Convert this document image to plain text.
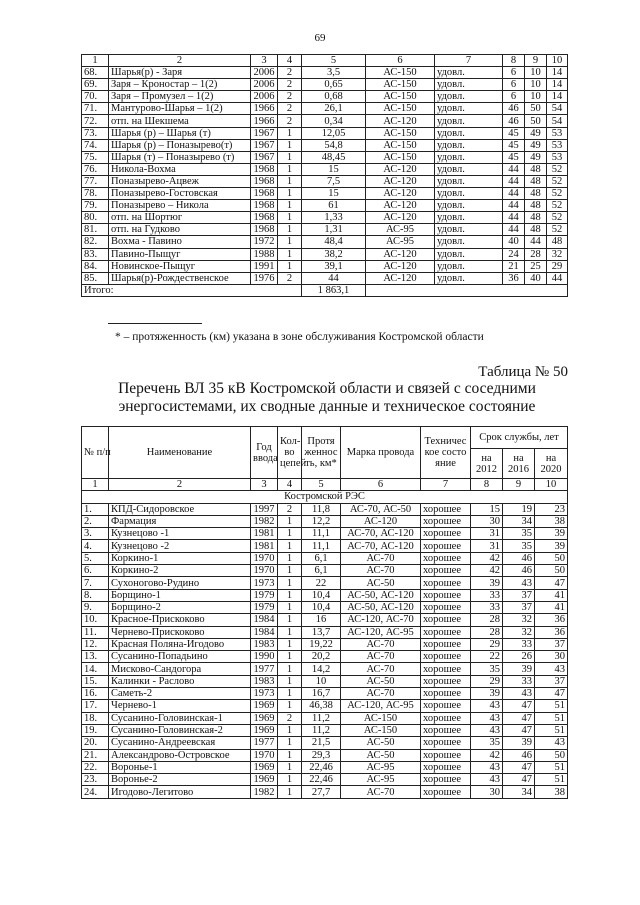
69
1	2	3	4	5	6	7	8	9	10
68.	Шарья(р) - Заря	2006	2	3,5	АС-150	удовл.	6	10	14
69.	Заря – Кроностар – 1(2)	2006	2	0,65	АС-150	удовл.	6	10	14
70.	Заря – Промузел – 1(2)	2006	2	0,68	АС-150	удовл.	6	10	14
71.	Мантурово-Шарья – 1(2)	1966	2	26,1	АС-150	удовл.	46	50	54
72.	отп. на Шекшема	1966	2	0,34	АС-120	удовл.	46	50	54
73.	Шарья (р) – Шарья (т)	1967	1	12,05	АС-150	удовл.	45	49	53
74.	Шарья (р) – Поназырево(т)	1967	1	54,8	АС-150	удовл.	45	49	53
75.	Шарья (т) – Поназырево (т)	1967	1	48,45	АС-150	удовл.	45	49	53
76.	Никола-Вохма	1968	1	15	АС-120	удовл.	44	48	52
77.	Поназырево-Ацвеж	1968	1	7,5	АС-120	удовл.	44	48	52
78.	Поназырево-Гостовская	1968	1	15	АС-120	удовл.	44	48	52
79.	Поназырево – Никола	1968	1	61	АС-120	удовл.	44	48	52
80.	отп. на Шортюг	1968	1	1,33	АС-120	удовл.	44	48	52
81.	отп. на Гудково	1968	1	1,31	АС-95	удовл.	44	48	52
82.	Вохма - Павино	1972	1	48,4	АС-95	удовл.	40	44	48
83.	Павино-Пыщуг	1988	1	38,2	АС-120	удовл.	24	28	32
84.	Новинское-Пыщуг	1991	1	39,1	АС-120	удовл.	21	25	29
85.	Шарья(р)-Рождественское	1976	2	44	АС-120	удовл.	36	40	44
Итого:				1 863,1					
* – протяженность (км) указана в зоне обслуживания Костромской области
Таблица № 50
Перечень ВЛ 35 кВ Костромской области и связей с соседними
энергосистемами, их сводные данные и техническое состояние
№ п/п	Наименование	Год ввода	Кол-во цепей	Протяженность, км*	Марка провода	Техническое состояние	Срок службы, лет		
							на 2012	на 2016	на 2020
1	2	3	4	5	6	7	8	9	10
Костромской РЭС									
1.	КПД-Сидоровское	1997	2	11,8	АС-70, АС-50	хорошее	15	19	23
2.	Фармация	1982	1	12,2	АС-120	хорошее	30	34	38
3.	Кузнецово -1	1981	1	11,1	АС-70, АС-120	хорошее	31	35	39
4.	Кузнецово -2	1981	1	11,1	АС-70, АС-120	хорошее	31	35	39
5.	Коркино-1	1970	1	6,1	АС-70	хорошее	42	46	50
6.	Коркино-2	1970	1	6,1	АС-70	хорошее	42	46	50
7.	Сухоногово-Рудино	1973	1	22	АС-50	хорошее	39	43	47
8.	Борщино-1	1979	1	10,4	АС-50, АС-120	хорошее	33	37	41
9.	Борщино-2	1979	1	10,4	АС-50, АС-120	хорошее	33	37	41
10.	Красное-Прискоково	1984	1	16	АС-120, АС-70	хорошее	28	32	36
11.	Чернево-Прискоково	1984	1	13,7	АС-120, АС-95	хорошее	28	32	36
12.	Красная Поляна-Игодово	1983	1	19,22	АС-70	хорошее	29	33	37
13.	Сусанино-Попадьино	1990	1	20,2	АС-70	хорошее	22	26	30
14.	Мисково-Сандогора	1977	1	14,2	АС-70	хорошее	35	39	43
15.	Калинки - Раслово	1983	1	10	АС-50	хорошее	29	33	37
16.	Саметь-2	1973	1	16,7	АС-70	хорошее	39	43	47
17.	Чернево-1	1969	1	46,38	АС-120, АС-95	хорошее	43	47	51
18.	Сусанино-Головинская-1	1969	2	11,2	АС-150	хорошее	43	47	51
19.	Сусанино-Головинская-2	1969	1	11,2	АС-150	хорошее	43	47	51
20.	Сусанино-Андреевская	1977	1	21,5	АС-50	хорошее	35	39	43
21.	Александрово-Островское	1970	1	29,3	АС-50	хорошее	42	46	50
22.	Воронье-1	1969	1	22,46	АС-95	хорошее	43	47	51
23.	Воронье-2	1969	1	22,46	АС-95	хорошее	43	47	51
24.	Игодово-Легитово	1982	1	27,7	АС-70	хорошее	30	34	38
